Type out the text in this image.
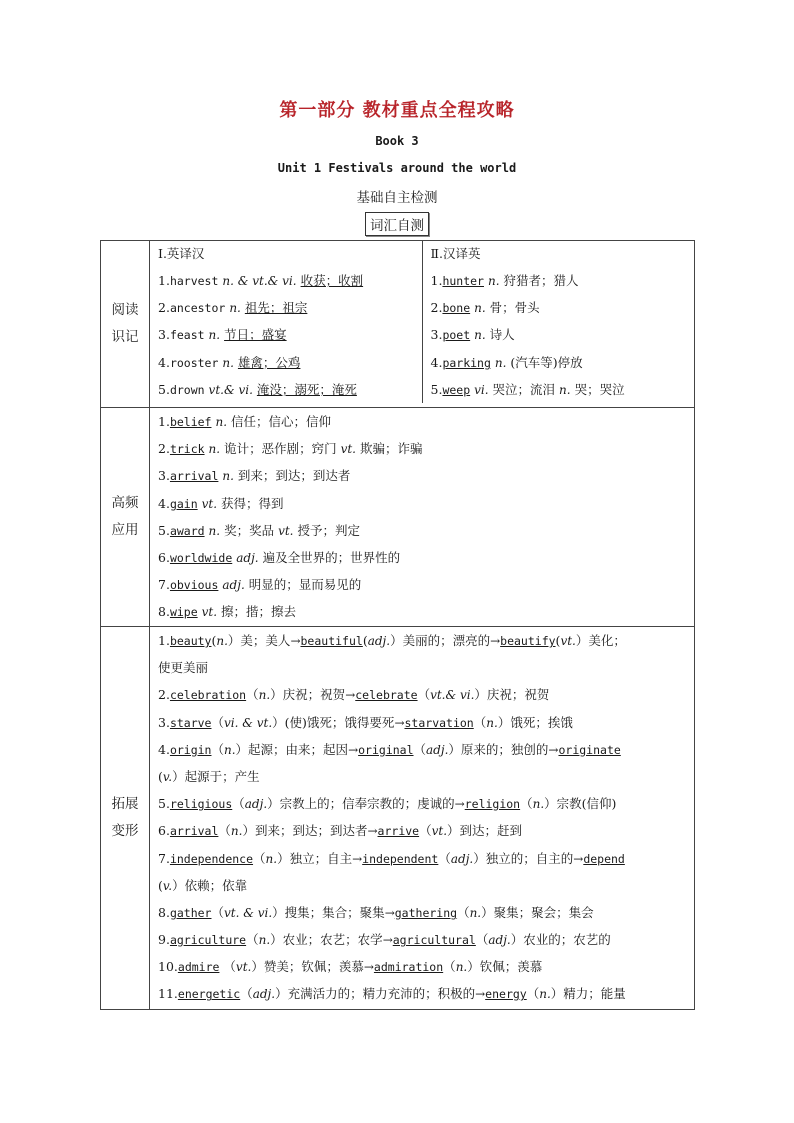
第一部分 教材重点全程攻略
Book 3
Unit 1 Festivals around the world
基础自主检测
词汇自测
阅读识记	
Ⅰ.英译汉
1.harvest n. & vt.& vi. 收获；收割
2.ancestor n. 祖先；祖宗
3.feast n. 节日；盛宴
4.rooster n. 雄禽；公鸡
5.drown vt.& vi. 淹没；溺死；淹死

Ⅱ.汉译英
1.hunter n. 狩猎者；猎人
2.bone n. 骨；骨头
3.poet n. 诗人
4.parking n. (汽车等)停放
5.weep vi. 哭泣；流泪 n. 哭；哭泣

高频应用	
1.belief n. 信任；信心；信仰
2.trick n. 诡计；恶作剧；窍门 vt. 欺骗；诈骗
3.arrival n. 到来；到达；到达者
4.gain vt. 获得；得到
5.award n. 奖；奖品 vt. 授予；判定
6.worldwide adj. 遍及全世界的；世界性的
7.obvious adj. 明显的；显而易见的
8.wipe vt. 擦；揩；擦去

拓展变形	
1.beauty(n.）美；美人→beautiful(adj.）美丽的；漂亮的→beautify(vt.）美化；
使更美丽
2.celebration（n.）庆祝；祝贺→celebrate（vt.& vi.）庆祝；祝贺
3.starve（vi. & vt.）(使)饿死；饿得要死→starvation（n.）饿死；挨饿
4.origin（n.）起源；由来；起因→original（adj.）原来的；独创的→originate
(v.）起源于；产生
5.religious（adj.）宗教上的；信奉宗教的；虔诚的→religion（n.）宗教(信仰)
6.arrival（n.）到来；到达；到达者→arrive（vt.）到达；赶到
7.independence（n.）独立；自主→independent（adj.）独立的；自主的→depend
(v.）依赖；依靠
8.gather（vt. & vi.）搜集；集合；聚集→gathering（n.）聚集；聚会；集会
9.agriculture（n.）农业；农艺；农学→agricultural（adj.）农业的；农艺的
10.admire （vt.）赞美；钦佩；羡慕→admiration（n.）钦佩；羡慕
11.energetic（adj.）充满活力的；精力充沛的；积极的→energy（n.）精力；能量
